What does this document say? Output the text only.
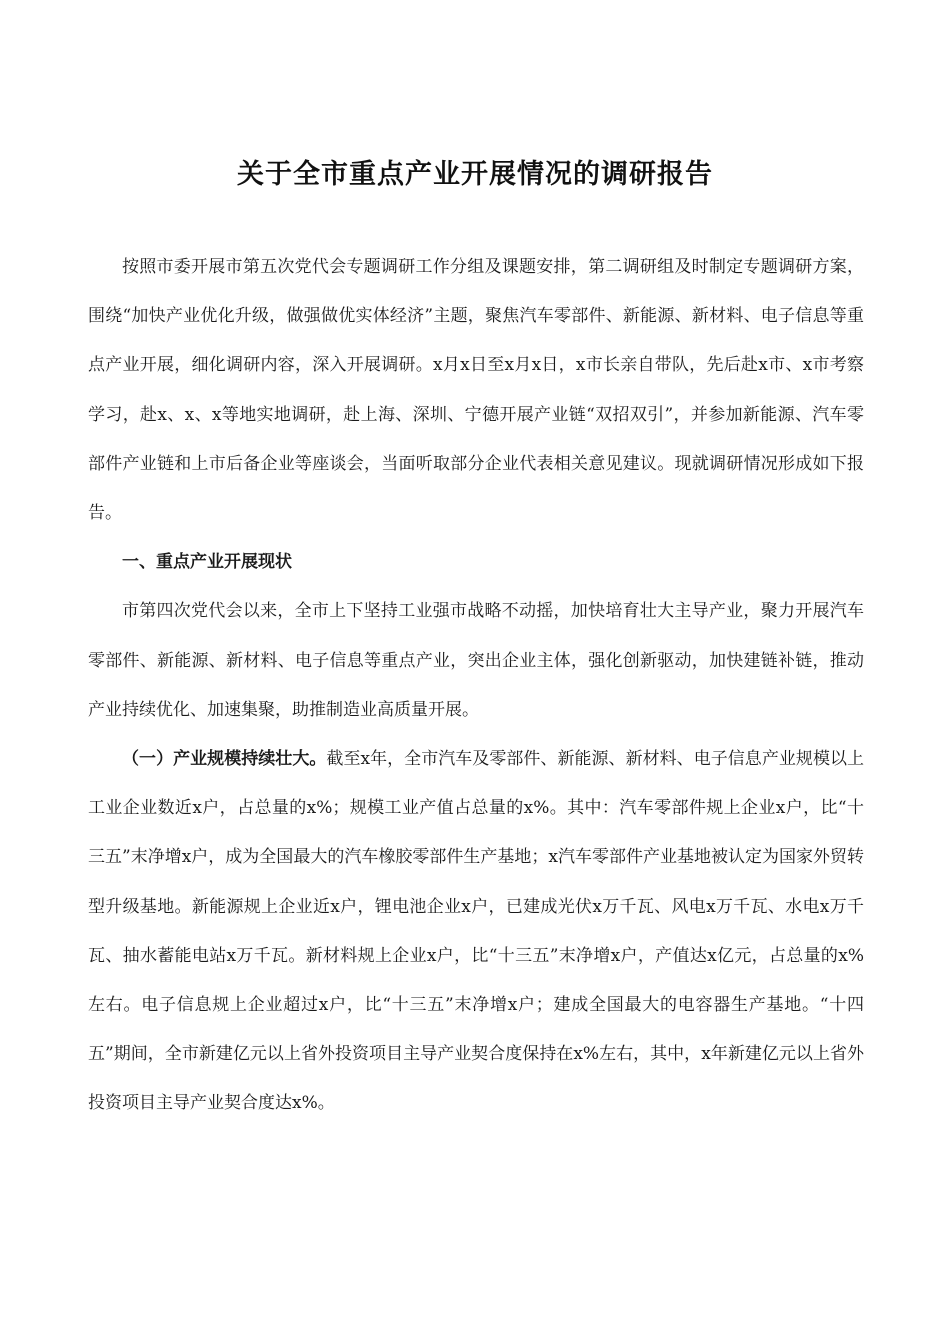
关于全市重点产业开展情况的调研报告

按照市委开展市第五次党代会专题调研工作分组及课题安排，第二调研组及时制定专题调研方案，围绕“加快产业优化升级，做强做优实体经济”主题，聚焦汽车零部件、新能源、新材料、电子信息等重点产业开展，细化调研内容，深入开展调研。x月x日至x月x日，x市长亲自带队，先后赴x市、x市考察学习，赴x、x、x等地实地调研，赴上海、深圳、宁德开展产业链“双招双引”，并参加新能源、汽车零部件产业链和上市后备企业等座谈会，当面听取部分企业代表相关意见建议。现就调研情况形成如下报告。

一、重点产业开展现状

市第四次党代会以来，全市上下坚持工业强市战略不动摇，加快培育壮大主导产业，聚力开展汽车零部件、新能源、新材料、电子信息等重点产业，突出企业主体，强化创新驱动，加快建链补链，推动产业持续优化、加速集聚，助推制造业高质量开展。

（一）产业规模持续壮大。截至x年，全市汽车及零部件、新能源、新材料、电子信息产业规模以上工业企业数近x户，占总量的x%；规模工业产值占总量的x%。其中：汽车零部件规上企业x户，比“十三五”末净增x户，成为全国最大的汽车橡胶零部件生产基地；x汽车零部件产业基地被认定为国家外贸转型升级基地。新能源规上企业近x户，锂电池企业x户，已建成光伏x万千瓦、风电x万千瓦、水电x万千瓦、抽水蓄能电站x万千瓦。新材料规上企业x户，比“十三五”末净增x户，产值达x亿元，占总量的x%左右。电子信息规上企业超过x户，比“十三五”末净增x户；建成全国最大的电容器生产基地。“十四五”期间，全市新建亿元以上省外投资项目主导产业契合度保持在x%左右，其中，x年新建亿元以上省外投资项目主导产业契合度达x%。
